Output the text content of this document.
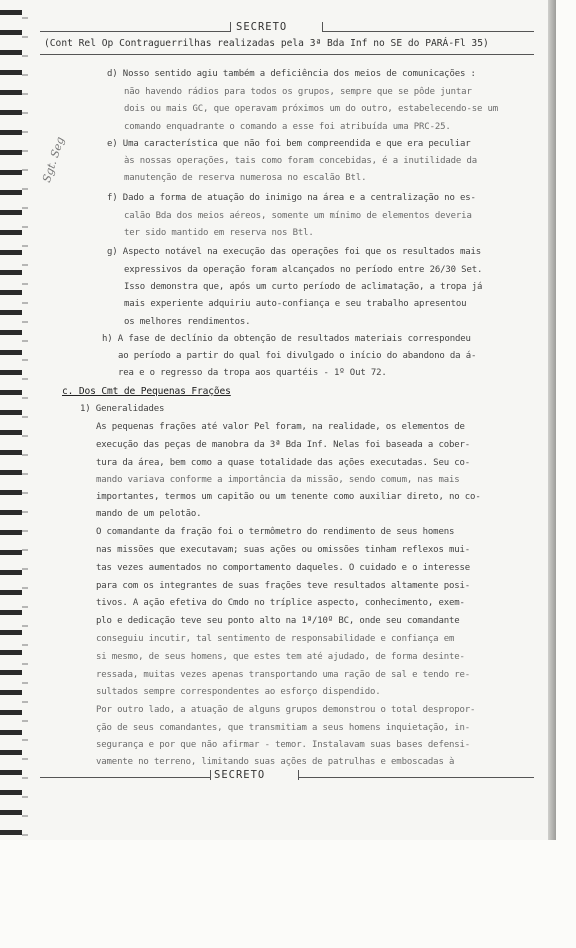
SECRETO
(Cont Rel Op Contraguerrilhas realizadas pela 3ª Bda Inf no SE do PARÁ-Fl 35)
Sgt. Seg
d) Nosso sentido agiu também a deficiência dos meios de comunicações :
não havendo rádios para todos os grupos, sempre que se pôde juntar
dois ou mais GC, que operavam próximos um do outro, estabelecendo-se um
comando enquadrante o comando a esse foi atribuída uma PRC-25.
e) Uma característica que não foi bem compreendida e que era peculiar
às nossas operações, tais como foram concebidas, é a inutilidade da
manutenção de reserva numerosa no escalão Btl.
f) Dado a forma de atuação do inimigo na área e a centralização no es-
calão Bda dos meios aéreos, somente um mínimo de elementos deveria
ter sido mantido em reserva nos Btl.
g) Aspecto notável na execução das operações foi que os resultados mais
expressivos da operação foram alcançados no período entre 26/30 Set.
Isso demonstra que, após um curto período de aclimatação, a tropa já
mais experiente adquiriu auto-confiança e seu trabalho apresentou
os melhores rendimentos.
h) A fase de declínio da obtenção de resultados materiais correspondeu
ao período a partir do qual foi divulgado o início do abandono da á-
rea e o regresso da tropa aos quartéis - 1º Out 72.
c. Dos Cmt de Pequenas Frações
1) Generalidades
As pequenas frações até valor Pel foram, na realidade, os elementos de
execução das peças de manobra da 3ª Bda Inf. Nelas foi baseada a cober-
tura da área, bem como a quase totalidade das ações executadas. Seu co-
mando variava conforme a importância da missão, sendo comum, nas mais
importantes, termos um capitão ou um tenente como auxiliar direto, no co-
mando de um pelotão.
O comandante da fração foi o termômetro do rendimento de seus homens
nas missões que executavam; suas ações ou omissões tinham reflexos mui-
tas vezes aumentados no comportamento daqueles. O cuidado e o interesse
para com os integrantes de suas frações teve resultados altamente posi-
tivos. A ação efetiva do Cmdo no tríplice aspecto, conhecimento, exem-
plo e dedicação teve seu ponto alto na 1ª/10º BC, onde seu comandante
conseguiu incutir, tal sentimento de responsabilidade e confiança em
si mesmo, de seus homens, que estes tem até ajudado, de forma desinte-
ressada, muitas vezes apenas transportando uma ração de sal e tendo re-
sultados sempre correspondentes ao esforço dispendido.
Por outro lado, a atuação de alguns grupos demonstrou o total despropor-
ção de seus comandantes, que transmitiam a seus homens inquietação, in-
segurança e por que não afirmar - temor. Instalavam suas bases defensi-
vamente no terreno, limitando suas ações de patrulhas e emboscadas à
SECRETO
